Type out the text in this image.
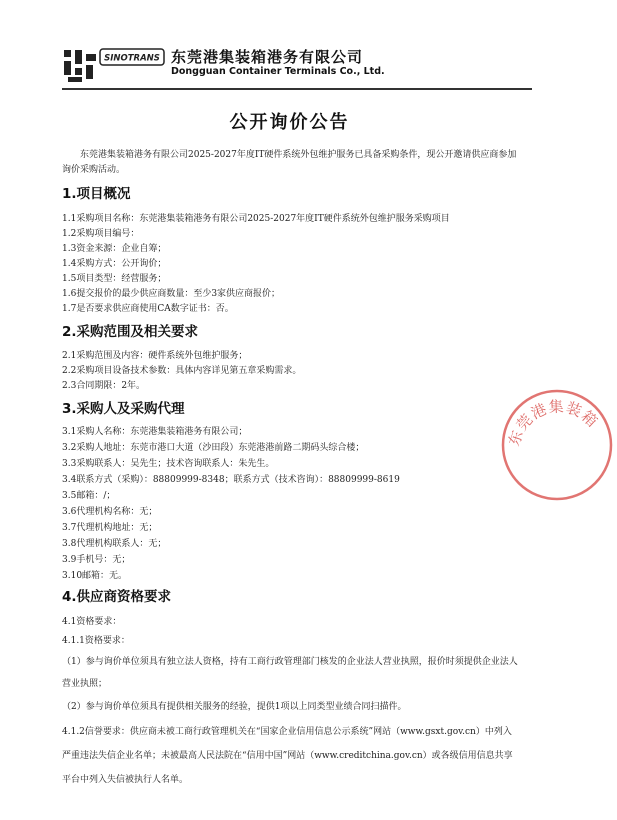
SINOTRANS 东莞港集装箱港务有限公司
Dongguan Container Terminals Co., Ltd.
公开询价公告
东莞港集装箱港务有限公司2025-2027年度IT硬件系统外包维护服务已具备采购条件，现公开邀请供应商参加询价采购活动。
1.项目概况
1.1采购项目名称：东莞港集装箱港务有限公司2025-2027年度IT硬件系统外包维护服务采购项目
1.2采购项目编号：
1.3资金来源：企业自筹；
1.4采购方式：公开询价；
1.5项目类型：经营服务；
1.6提交报价的最少供应商数量：至少3家供应商报价；
1.7是否要求供应商使用CA数字证书：否。
2.采购范围及相关要求
2.1采购范围及内容：硬件系统外包维护服务；
2.2采购项目设备技术参数：具体内容详见第五章采购需求。
2.3合同期限：2年。
3.采购人及采购代理
3.1采购人名称：东莞港集装箱港务有限公司；
3.2采购人地址：东莞市港口大道（沙田段）东莞港港前路二期码头综合楼；
3.3采购联系人：吴先生；技术咨询联系人：朱先生。
3.4联系方式（采购）：88809999-8348；联系方式（技术咨询）：88809999-8619
3.5邮箱：/；
3.6代理机构名称：无；
3.7代理机构地址：无；
3.8代理机构联系人：无；
3.9手机号：无；
3.10邮箱：无。
4.供应商资格要求
4.1资格要求：
4.1.1资格要求：
（1）参与询价单位须具有独立法人资格，持有工商行政管理部门核发的企业法人营业执照，报价时须提供企业法人营业执照；
（2）参与询价单位须具有提供相关服务的经验，提供1项以上同类型业绩合同扫描件。
4.1.2信誉要求：供应商未被工商行政管理机关在“国家企业信用信息公示系统”网站（www.gsxt.gov.cn）中列入严重违法失信企业名单；未被最高人民法院在“信用中国”网站（www.creditchina.gov.cn）或各级信用信息共享平台中列入失信被执行人名单。
东莞港集装箱
